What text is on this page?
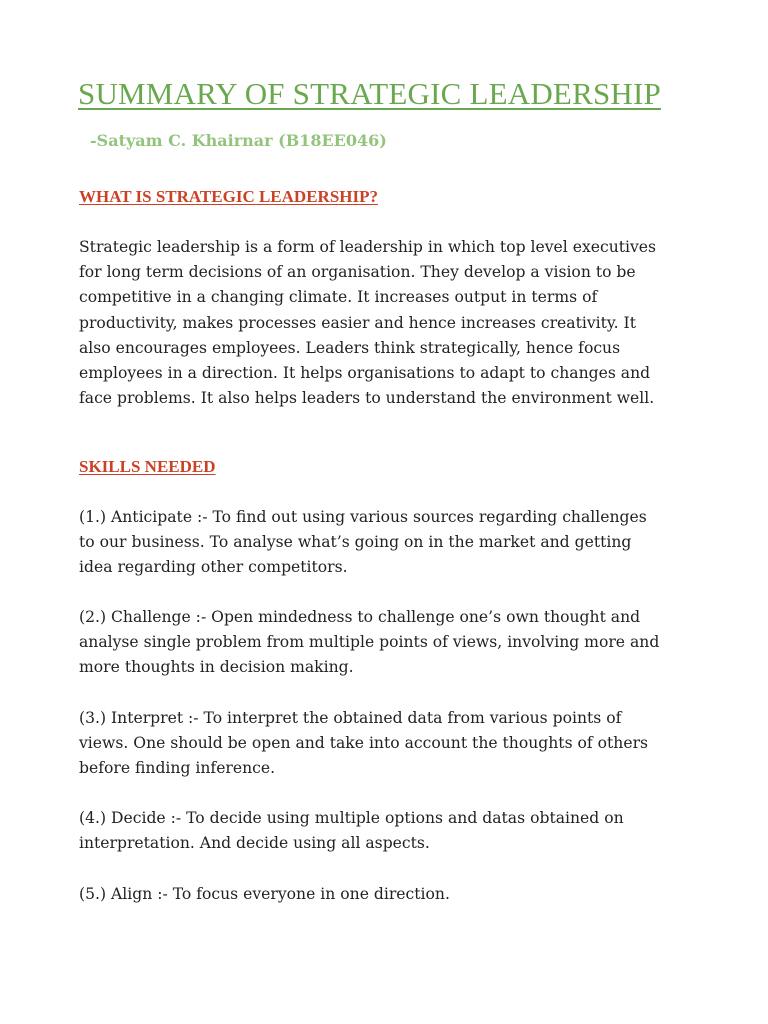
SUMMARY OF STRATEGIC LEADERSHIP

-Satyam C. Khairnar (B18EE046)

WHAT IS STRATEGIC LEADERSHIP?

Strategic leadership is a form of leadership in which top level executives
for long term decisions of an organisation. They develop a vision to be
competitive in a changing climate. It increases output in terms of
productivity, makes processes easier and hence increases creativity. It
also encourages employees. Leaders think strategically, hence focus
employees in a direction. It helps organisations to adapt to changes and
face problems. It also helps leaders to understand the environment well.

SKILLS NEEDED

(1.) Anticipate :- To find out using various sources regarding challenges
to our business. To analyse what’s going on in the market and getting
idea regarding other competitors.

(2.) Challenge :- Open mindedness to challenge one’s own thought and
analyse single problem from multiple points of views, involving more and
more thoughts in decision making.

(3.) Interpret :- To interpret the obtained data from various points of
views. One should be open and take into account the thoughts of others
before finding inference.

(4.) Decide :- To decide using multiple options and datas obtained on
interpretation. And decide using all aspects.

(5.) Align :- To focus everyone in one direction.
